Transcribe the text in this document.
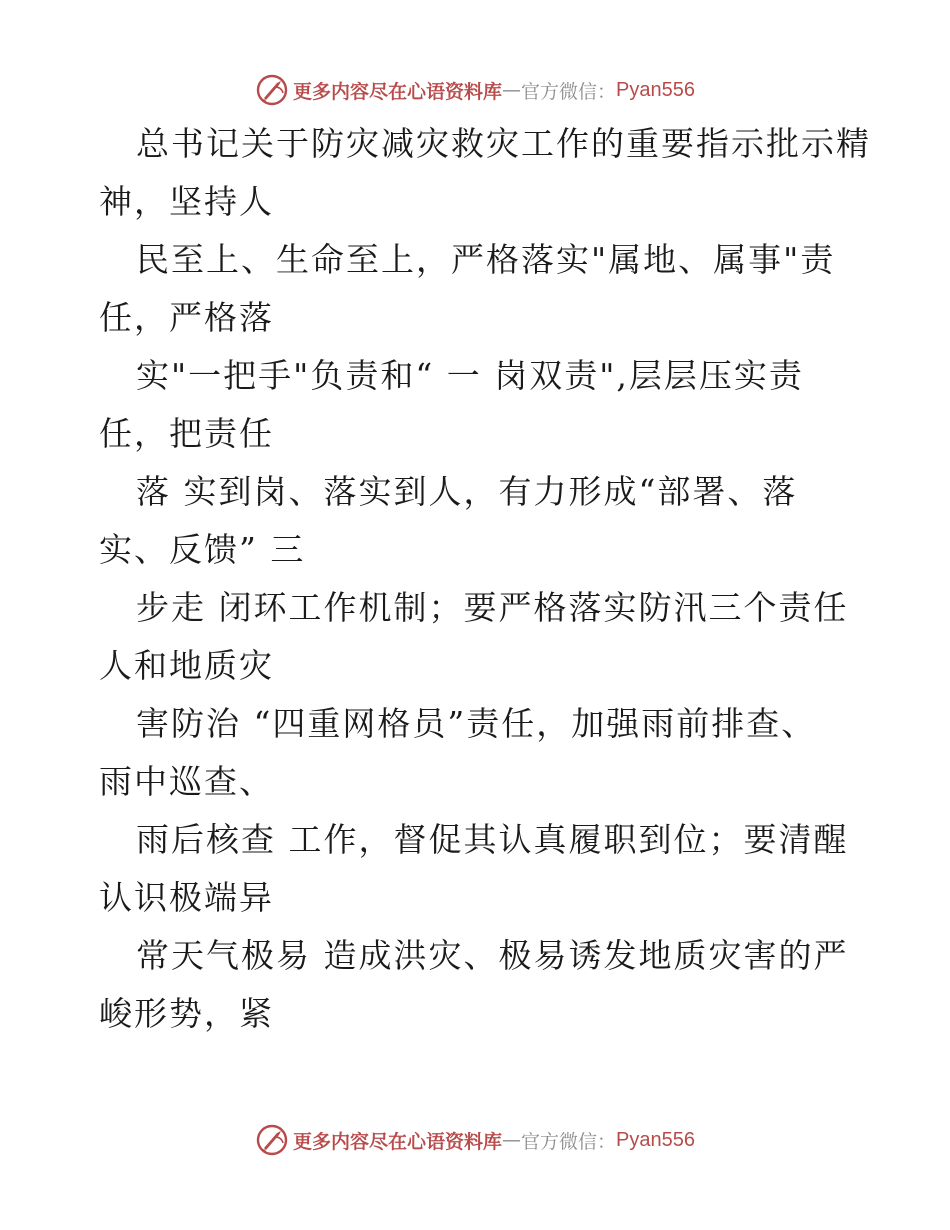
更多内容尽在心语资料库 — 官方微信： Pyan556
总书记关于防灾减灾救灾工作的重要指示批示精
神，坚持人
民至上、生命至上，严格落实"属地、属事"责
任，严格落
实"一把手"负责和“ 一 岗双责",层层压实责
任，把责任
落 实到岗、落实到人，有力形成“部署、落
实、反馈” 三
步走 闭环工作机制；要严格落实防汛三个责任
人和地质灾
害防治 “四重网格员”责任，加强雨前排查、
雨中巡查、
雨后核查 工作，督促其认真履职到位；要清醒
认识极端异
常天气极易 造成洪灾、极易诱发地质灾害的严
峻形势，紧
更多内容尽在心语资料库 — 官方微信： Pyan556
